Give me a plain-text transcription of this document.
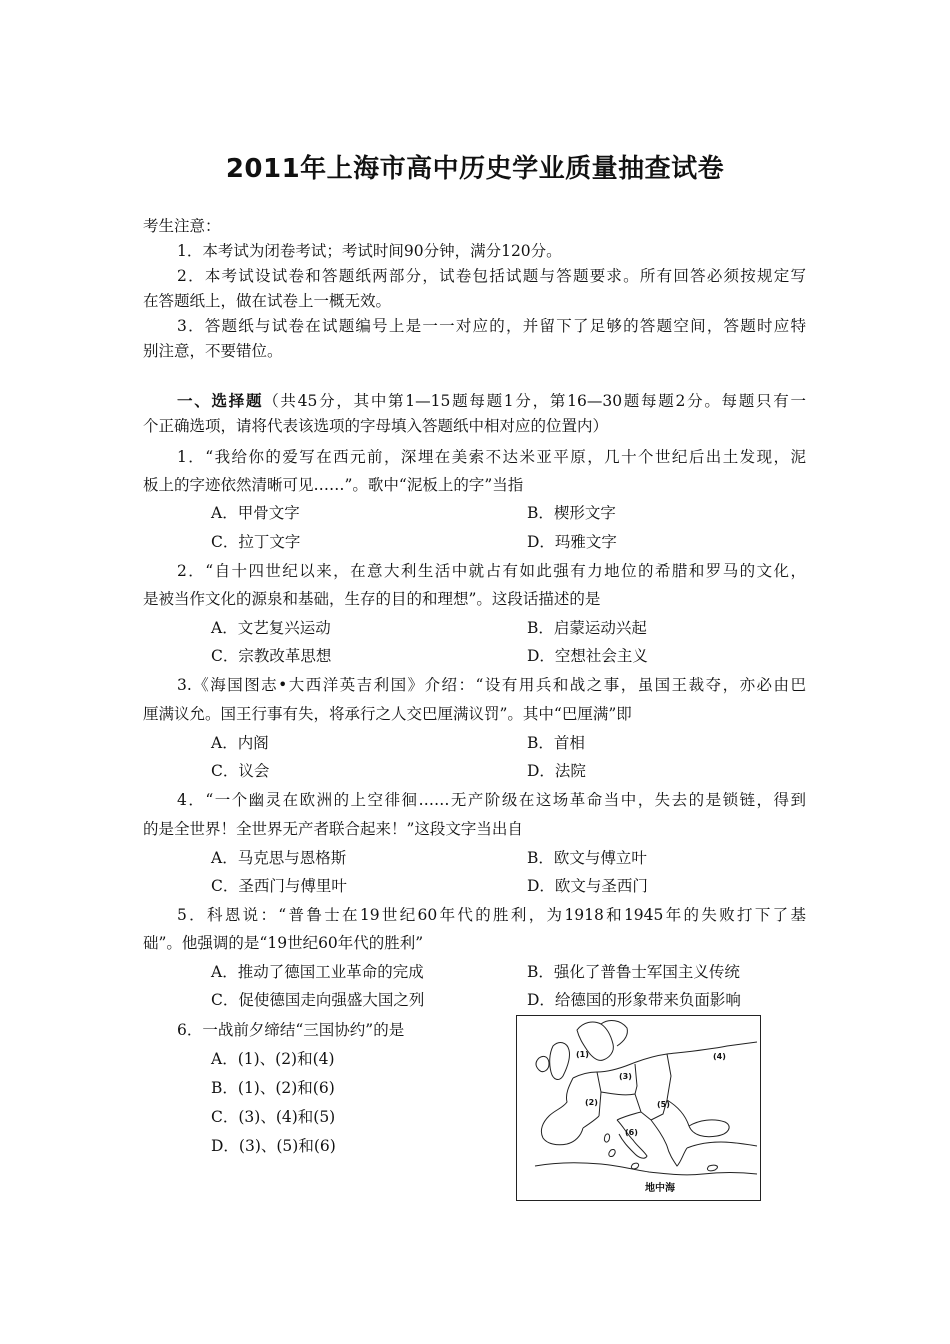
2011年上海市高中历史学业质量抽查试卷
考生注意：
1．本考试为闭卷考试；考试时间90分钟，满分120分。
2．本考试设试卷和答题纸两部分，试卷包括试题与答题要求。所有回答必须按规定写
在答题纸上，做在试卷上一概无效。
3．答题纸与试卷在试题编号上是一一对应的，并留下了足够的答题空间，答题时应特
别注意，不要错位。
一、选择题（共45分，其中第1—15题每题1分，第16—30题每题2分。每题只有一
个正确选项，请将代表该选项的字母填入答题纸中相对应的位置内）
1．“我给你的爱写在西元前，深埋在美索不达米亚平原，几十个世纪后出土发现，泥
板上的字迹依然清晰可见……”。歌中“泥板上的字”当指
A．甲骨文字	B．楔形文字
C．拉丁文字	D．玛雅文字
2．“自十四世纪以来，在意大利生活中就占有如此强有力地位的希腊和罗马的文化，
是被当作文化的源泉和基础，生存的目的和理想”。这段话描述的是
A．文艺复兴运动	B．启蒙运动兴起
C．宗教改革思想	D．空想社会主义
3.《海国图志•大西洋英吉利国》介绍：“设有用兵和战之事，虽国王裁夺，亦必由巴
厘满议允。国王行事有失，将承行之人交巴厘满议罚”。其中“巴厘满”即
A．内阁	B．首相
C．议会	D．法院
4．“一个幽灵在欧洲的上空徘徊……无产阶级在这场革命当中，失去的是锁链，得到
的是全世界！全世界无产者联合起来！”这段文字当出自
A．马克思与恩格斯	B．欧文与傅立叶
C．圣西门与傅里叶	D．欧文与圣西门
5．科恩说：“普鲁士在19世纪60年代的胜利，为1918和1945年的失败打下了基
础”。他强调的是“19世纪60年代的胜利”
A．推动了德国工业革命的完成	B．强化了普鲁士军国主义传统
C．促使德国走向强盛大国之列	D．给德国的形象带来负面影响
6．一战前夕缔结“三国协约”的是
A．(1)、(2)和(4)
B．(1)、(2)和(6)
C．(3)、(4)和(5)
D．(3)、(5)和(6)
(1)
(2)
(3)
(4)
(5)
(6)
地中海
